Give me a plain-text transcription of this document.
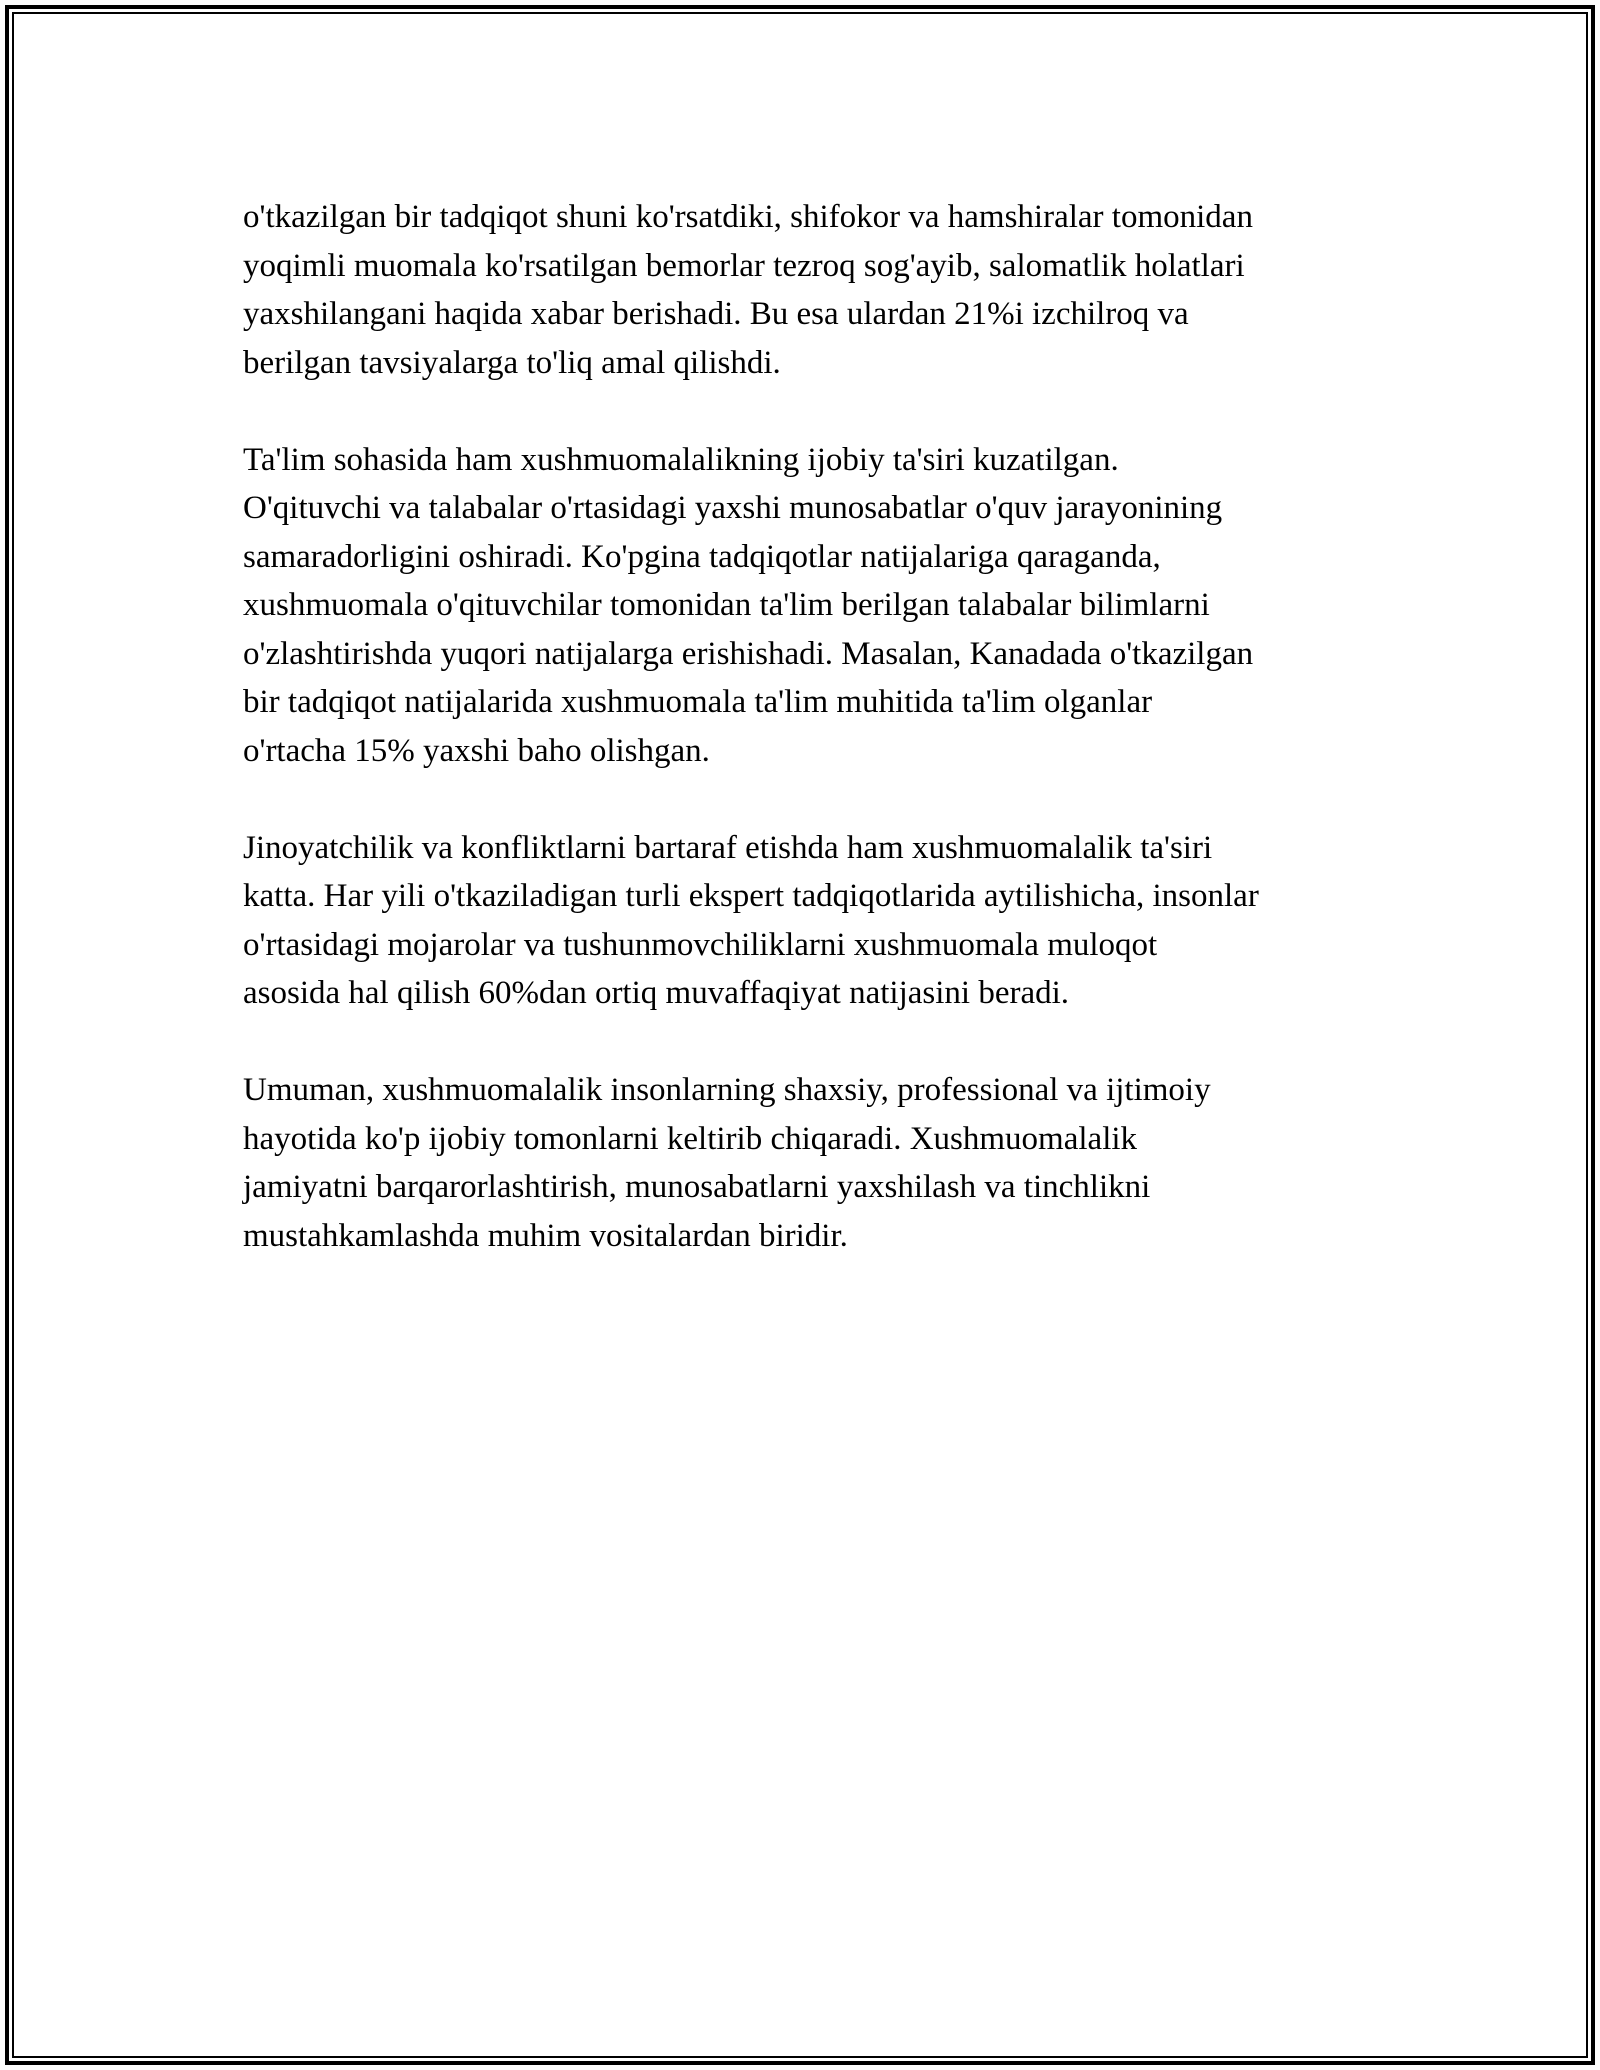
o'tkazilgan bir tadqiqot shuni ko'rsatdiki, shifokor va hamshiralar tomonidan
yoqimli muomala ko'rsatilgan bemorlar tezroq sog'ayib, salomatlik holatlari
yaxshilangani haqida xabar berishadi. Bu esa ulardan 21%i izchilroq va
berilgan tavsiyalarga to'liq amal qilishdi.

Ta'lim sohasida ham xushmuomalalikning ijobiy ta'siri kuzatilgan.
O'qituvchi va talabalar o'rtasidagi yaxshi munosabatlar o'quv jarayonining
samaradorligini oshiradi. Ko'pgina tadqiqotlar natijalariga qaraganda,
xushmuomala o'qituvchilar tomonidan ta'lim berilgan talabalar bilimlarni
o'zlashtirishda yuqori natijalarga erishishadi. Masalan, Kanadada o'tkazilgan
bir tadqiqot natijalarida xushmuomala ta'lim muhitida ta'lim olganlar
o'rtacha 15% yaxshi baho olishgan.

Jinoyatchilik va konfliktlarni bartaraf etishda ham xushmuomalalik ta'siri
katta. Har yili o'tkaziladigan turli ekspert tadqiqotlarida aytilishicha, insonlar
o'rtasidagi mojarolar va tushunmovchiliklarni xushmuomala muloqot
asosida hal qilish 60%dan ortiq muvaffaqiyat natijasini beradi.

Umuman, xushmuomalalik insonlarning shaxsiy, professional va ijtimoiy
hayotida ko'p ijobiy tomonlarni keltirib chiqaradi. Xushmuomalalik
jamiyatni barqarorlashtirish, munosabatlarni yaxshilash va tinchlikni
mustahkamlashda muhim vositalardan biridir.
